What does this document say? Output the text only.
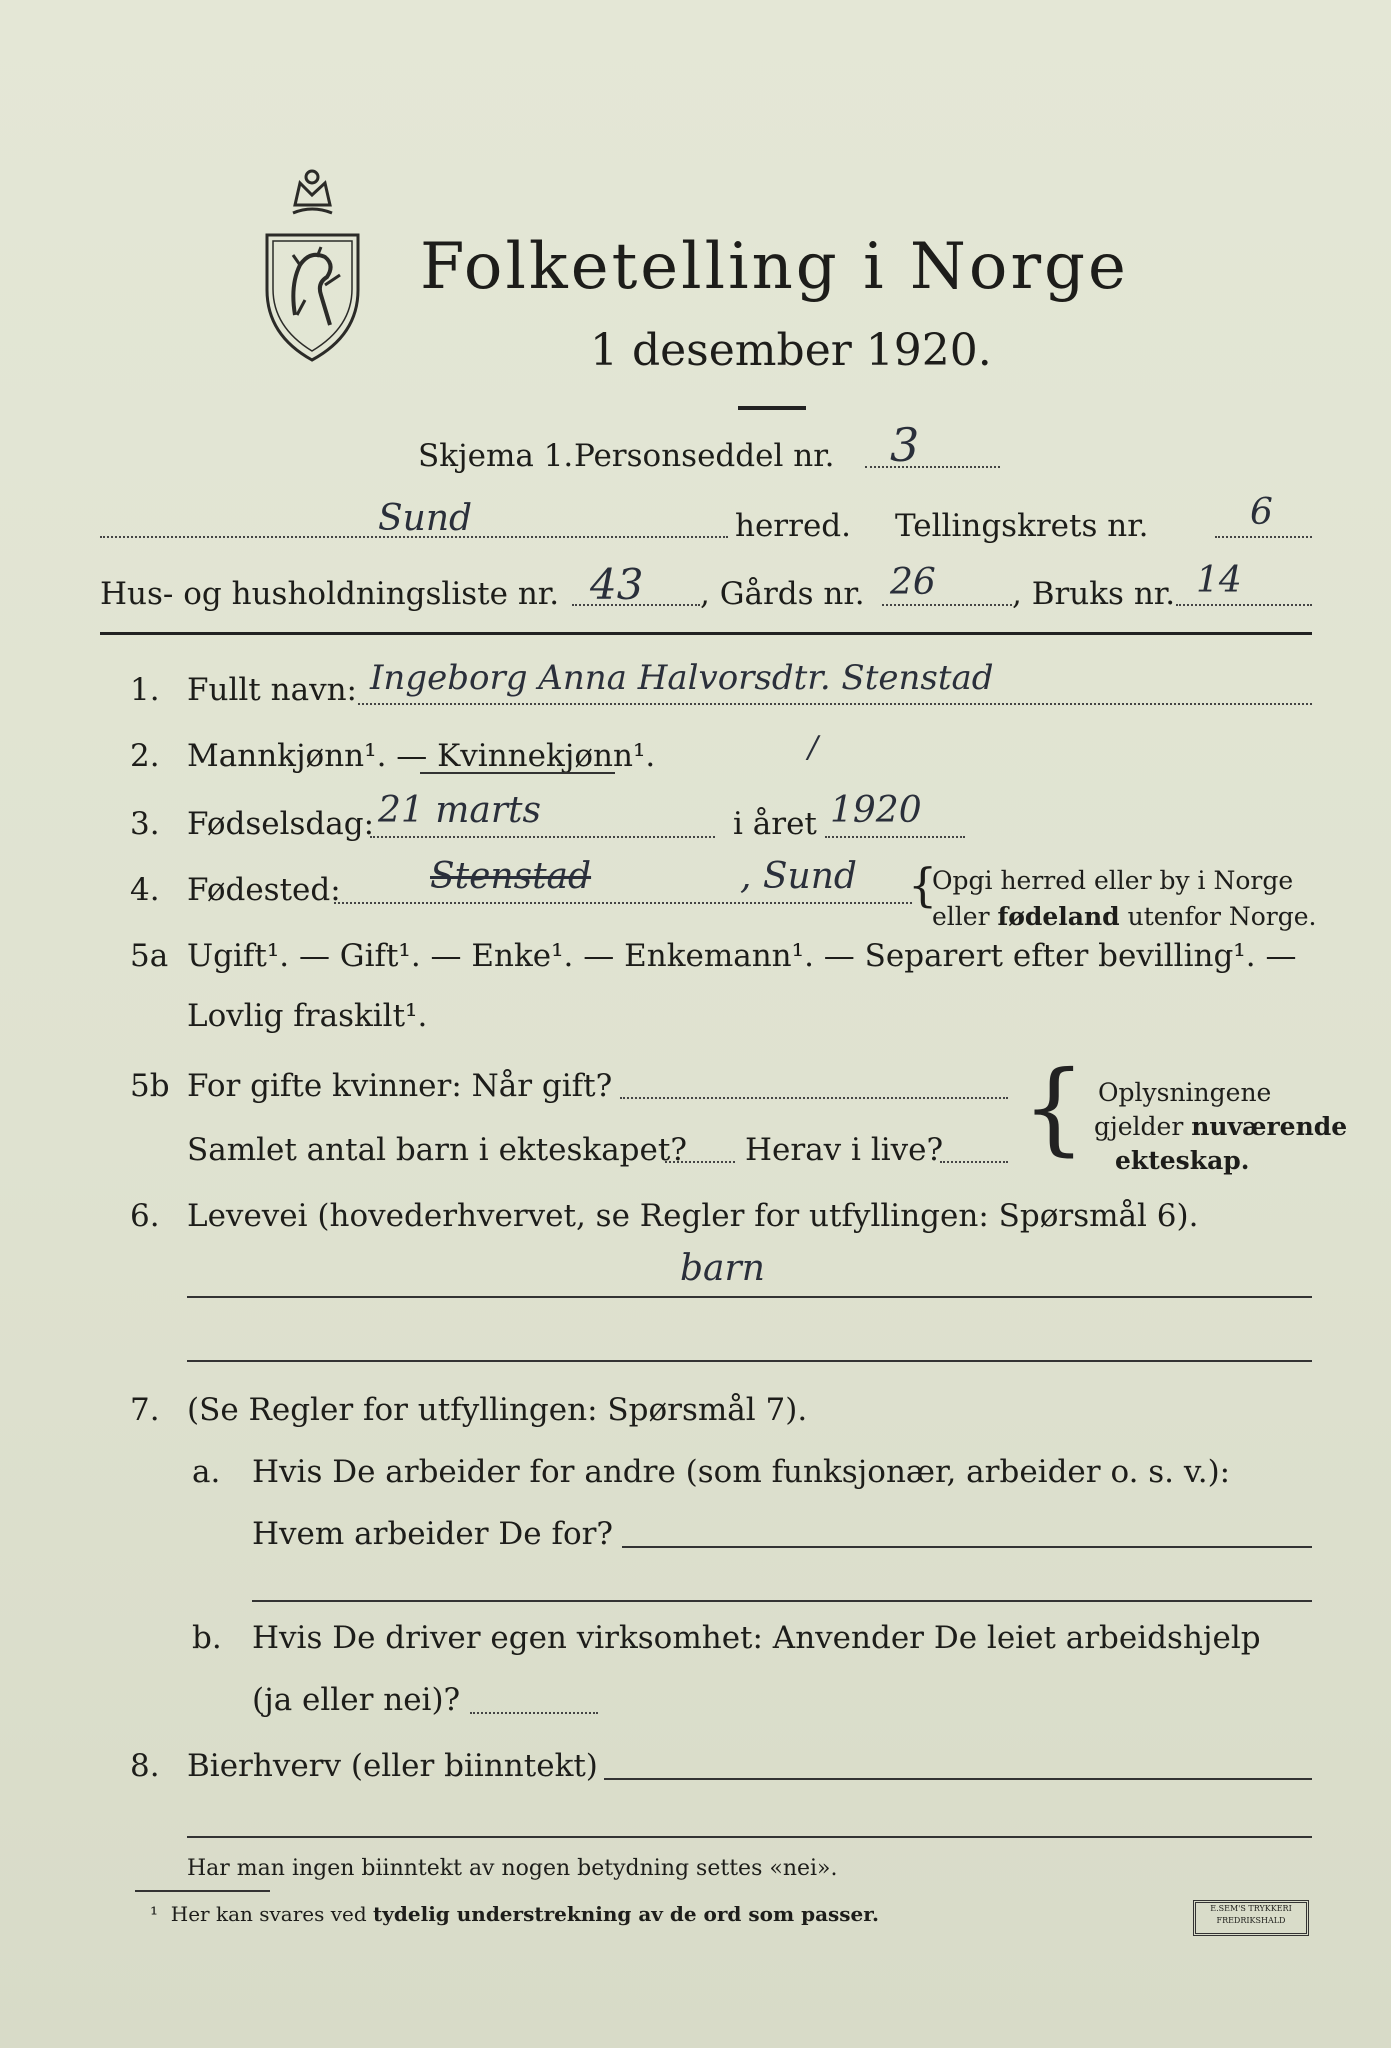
Folketelling i Norge
1 desember 1920.
Skjema 1. Personseddel nr. 3
Sund	herred. Tellingskrets nr.	6
Hus- og husholdningsliste nr. 43 , Gårds nr. 26 , Bruks nr. 14
1. Fullt navn: Ingeborg Anna Halvorsdtr. Stenstad
2. Mannkjønn¹. — Kvinnekjønn¹.	/
3. Fødselsdag: 21 marts	i året 1920
4. Fødested: Stenstad	, Sund {
Opgi herred eller by i Norge
eller fødeland utenfor Norge.
5a Ugift¹. — Gift¹. — Enke¹. — Enkemann¹. — Separert efter bevilling¹. —
Lovlig fraskilt¹.
5b For gifte kvinner: Når gift?
Samlet antal barn i ekteskapet? Herav i live? { Oplysningene
gjelder nuværende
ekteskap.
6. Levevei (hovederhvervet, se Regler for utfyllingen: Spørsmål 6).
barn
7. (Se Regler for utfyllingen: Spørsmål 7).
a. Hvis De arbeider for andre (som funksjonær, arbeider o. s. v.):
Hvem arbeider De for?
b. Hvis De driver egen virksomhet: Anvender De leiet arbeidshjelp
(ja eller nei)?
8. Bierhverv (eller biinntekt)
Har man ingen biinntekt av nogen betydning settes «nei».
¹ Her kan svares ved tydelig understrekning av de ord som passer.	E.SEM'S TRYKKERI
FREDRIKSHALD
